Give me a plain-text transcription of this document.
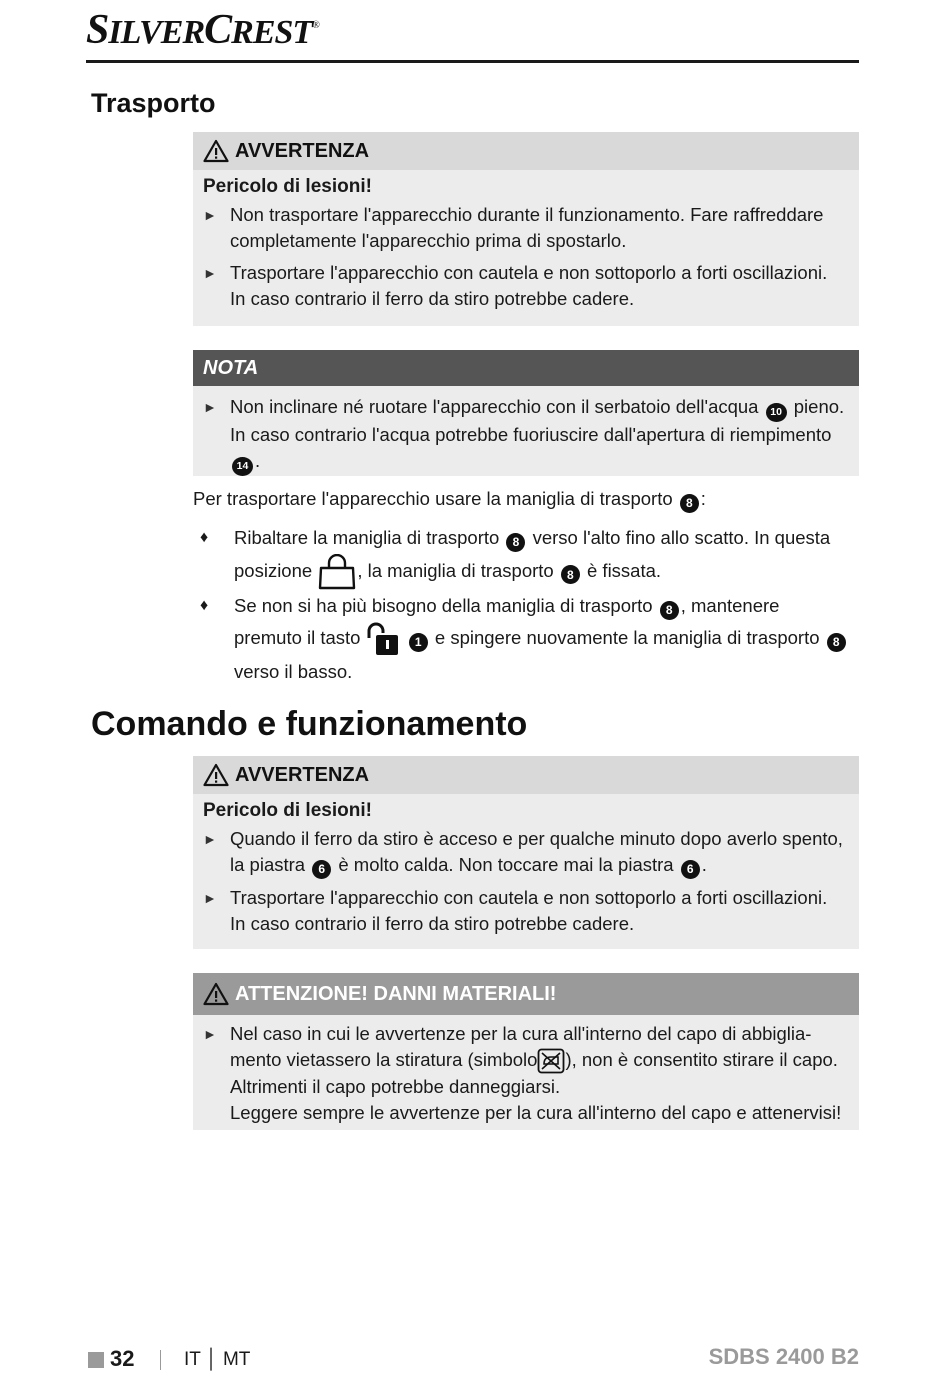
SILVERCREST®
Trasporto
AVVERTENZA
Pericolo di lesioni!
► Non trasportare l'apparecchio durante il funzionamento. Fare raffreddare completamente l'apparecchio prima di spostarlo.
► Trasportare l'apparecchio con cautela e non sottoporlo a forti oscillazioni. In caso contrario il ferro da stiro potrebbe cadere.
NOTA
► Non inclinare né ruotare l'apparecchio con il serbatoio dell'acqua 10 pieno. In caso contrario l'acqua potrebbe fuoriuscire dall'apertura di riempimento 14 .
Per trasportare l'apparecchio usare la maniglia di trasporto 8 :
♦ Ribaltare la maniglia di trasporto 8 verso l'alto fino allo scatto. In questa posizione , la maniglia di trasporto 8 è fissata.
♦ Se non si ha più bisogno della maniglia di trasporto 8 , mantenere premuto il tasto	1 e spingere nuovamente la maniglia di trasporto 8 verso il basso.
Comando e funzionamento
AVVERTENZA
Pericolo di lesioni!
► Quando il ferro da stiro è acceso e per qualche minuto dopo averlo spento, la piastra 6 è molto calda. Non toccare mai la piastra 6 .
► Trasportare l'apparecchio con cautela e non sottoporlo a forti oscillazioni. In caso contrario il ferro da stiro potrebbe cadere.
ATTENZIONE! DANNI MATERIALI!
► Nel caso in cui le avvertenze per la cura all'interno del capo di abbiglia-mento vietassero la stiratura (simbolo ), non è consentito stirare il capo. Altrimenti il capo potrebbe danneggiarsi.
Leggere sempre le avvertenze per la cura all'interno del capo e attenervisi!
32	IT │ MT	SDBS 2400 B2
